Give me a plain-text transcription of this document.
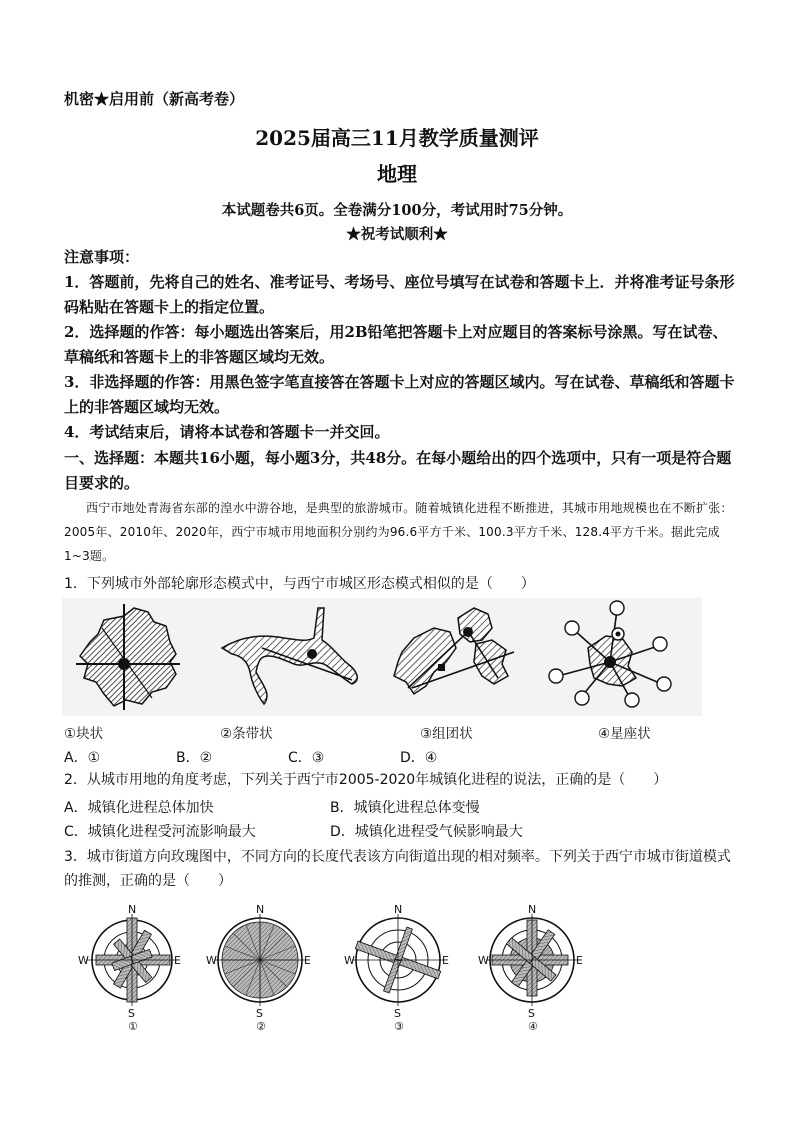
机密★启用前（新高考卷）
2025届高三11月教学质量测评
地理
本试题卷共6页。全卷满分100分，考试用时75分钟。
★祝考试顺利★
注意事项：
1．答题前，先将自己的姓名、准考证号、考场号、座位号填写在试卷和答题卡上．并将准考证号条形码粘贴在答题卡上的指定位置。
2．选择题的作答：每小题选出答案后，用2B铅笔把答题卡上对应题目的答案标号涂黑。写在试卷、草稿纸和答题卡上的非答题区域均无效。
3．非选择题的作答：用黑色签字笔直接答在答题卡上对应的答题区域内。写在试卷、草稿纸和答题卡上的非答题区域均无效。
4．考试结束后，请将本试卷和答题卡一并交回。
一、选择题：本题共16小题，每小题3分，共48分。在每小题给出的四个选项中，只有一项是符合题目要求的。
西宁市地处青海省东部的湟水中游谷地，是典型的旅游城市。随着城镇化进程不断推进，其城市用地规模也在不断扩张：2005年、2010年、2020年，西宁市城市用地面积分别约为96.6平方千米、100.3平方千米、128.4平方千米。据此完成1~3题。
1．下列城市外部轮廓形态模式中，与西宁市城区形态模式相似的是（　　）
①块状	②条带状	③组团状	④星座状
A．①	B．②	C．③	D．④
2．从城市用地的角度考虑，下列关于西宁市2005-2020年城镇化进程的说法，正确的是（　　）
A．城镇化进程总体加快	B．城镇化进程总体变慢
C．城镇化进程受河流影响最大	D．城镇化进程受气候影响最大
3．城市街道方向玫瑰图中，不同方向的长度代表该方向街道出现的相对频率。下列关于西宁市城市街道模式的推测，正确的是（　　）
N
S
W	E
①
N
S
W	E
②
N
S
W	E
③
N
S
W	E
④
